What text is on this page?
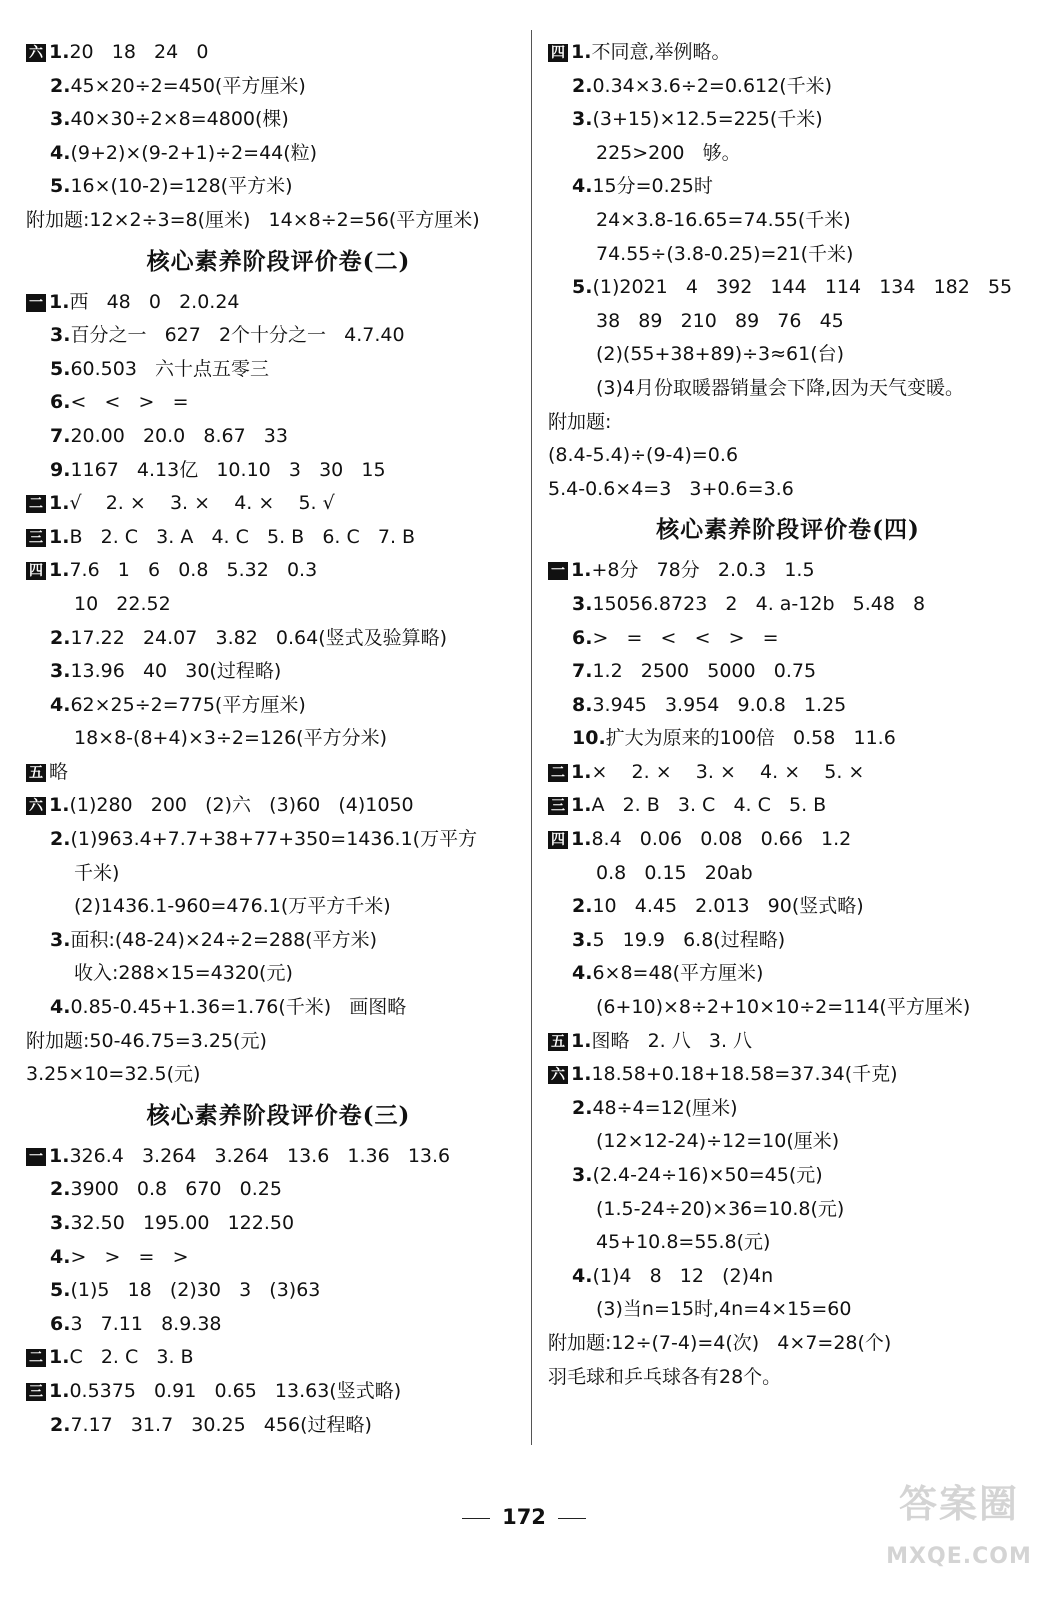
六 1.20   18   24   0
2.45×20÷2=450(平方厘米)
3.40×30÷2×8=4800(棵)
4.(9+2)×(9-2+1)÷2=44(粒)
5.16×(10-2)=128(平方米)
附加题:12×2÷3=8(厘米)   14×8÷2=56(平方厘米)
核心素养阶段评价卷(二)
一 1.西   48   0   2.0.24
3.百分之一   627   2个十分之一   4.7.40
5.60.503   六十点五零三
6.<   <   >   =
7.20.00   20.0   8.67   33
9.1167   4.13亿   10.10   3   30   15
二 1.√    2. ×    3. ×    4. ×    5. √
三 1.B   2. C   3. A   4. C   5. B   6. C   7. B
四 1.7.6   1   6   0.8   5.32   0.3
10   22.52
2.17.22   24.07   3.82   0.64(竖式及验算略)
3.13.96   40   30(过程略)
4.62×25÷2=775(平方厘米)
18×8-(8+4)×3÷2=126(平方分米)
五 略
六 1.(1)280   200   (2)六   (3)60   (4)1050
2.(1)963.4+7.7+38+77+350=1436.1(万平方
千米)
(2)1436.1-960=476.1(万平方千米)
3.面积:(48-24)×24÷2=288(平方米)
收入:288×15=4320(元)
4.0.85-0.45+1.36=1.76(千米)   画图略
附加题:50-46.75=3.25(元)
3.25×10=32.5(元)
核心素养阶段评价卷(三)
一 1.326.4   3.264   3.264   13.6   1.36   13.6
2.3900   0.8   670   0.25
3.32.50   195.00   122.50
4.>   >   =   >
5.(1)5   18   (2)30   3   (3)63
6.3   7.11   8.9.38
二 1.C   2. C   3. B
三 1.0.5375   0.91   0.65   13.63(竖式略)
2.7.17   31.7   30.25   456(过程略)
四 1.不同意,举例略。
2.0.34×3.6÷2=0.612(千米)
3.(3+15)×12.5=225(千米)
225>200   够。
4.15分=0.25时
24×3.8-16.65=74.55(千米)
74.55÷(3.8-0.25)=21(千米)
5.(1)2021   4   392   144   114   134   182   55
38   89   210   89   76   45
(2)(55+38+89)÷3≈61(台)
(3)4月份取暖器销量会下降,因为天气变暖。
附加题:
(8.4-5.4)÷(9-4)=0.6
5.4-0.6×4=3   3+0.6=3.6
核心素养阶段评价卷(四)
一 1.+8分   78分   2.0.3   1.5
3.15056.8723   2   4. a-12b   5.48   8
6.>   =   <   <   >   =
7.1.2   2500   5000   0.75
8.3.945   3.954   9.0.8   1.25
10.扩大为原来的100倍   0.58   11.6
二 1.×    2. ×    3. ×    4. ×    5. ×
三 1.A   2. B   3. C   4. C   5. B
四 1.8.4   0.06   0.08   0.66   1.2
0.8   0.15   20ab
2.10   4.45   2.013   90(竖式略)
3.5   19.9   6.8(过程略)
4.6×8=48(平方厘米)
(6+10)×8÷2+10×10÷2=114(平方厘米)
五 1.图略   2. 八   3. 八
六 1.18.58+0.18+18.58=37.34(千克)
2.48÷4=12(厘米)
(12×12-24)÷12=10(厘米)
3.(2.4-24÷16)×50=45(元)
(1.5-24÷20)×36=10.8(元)
45+10.8=55.8(元)
4.(1)4   8   12   (2)4n
(3)当n=15时,4n=4×15=60
附加题:12÷(7-4)=4(次)   4×7=28(个)
羽毛球和乒乓球各有28个。
172	答案圈
MXQE.COM
